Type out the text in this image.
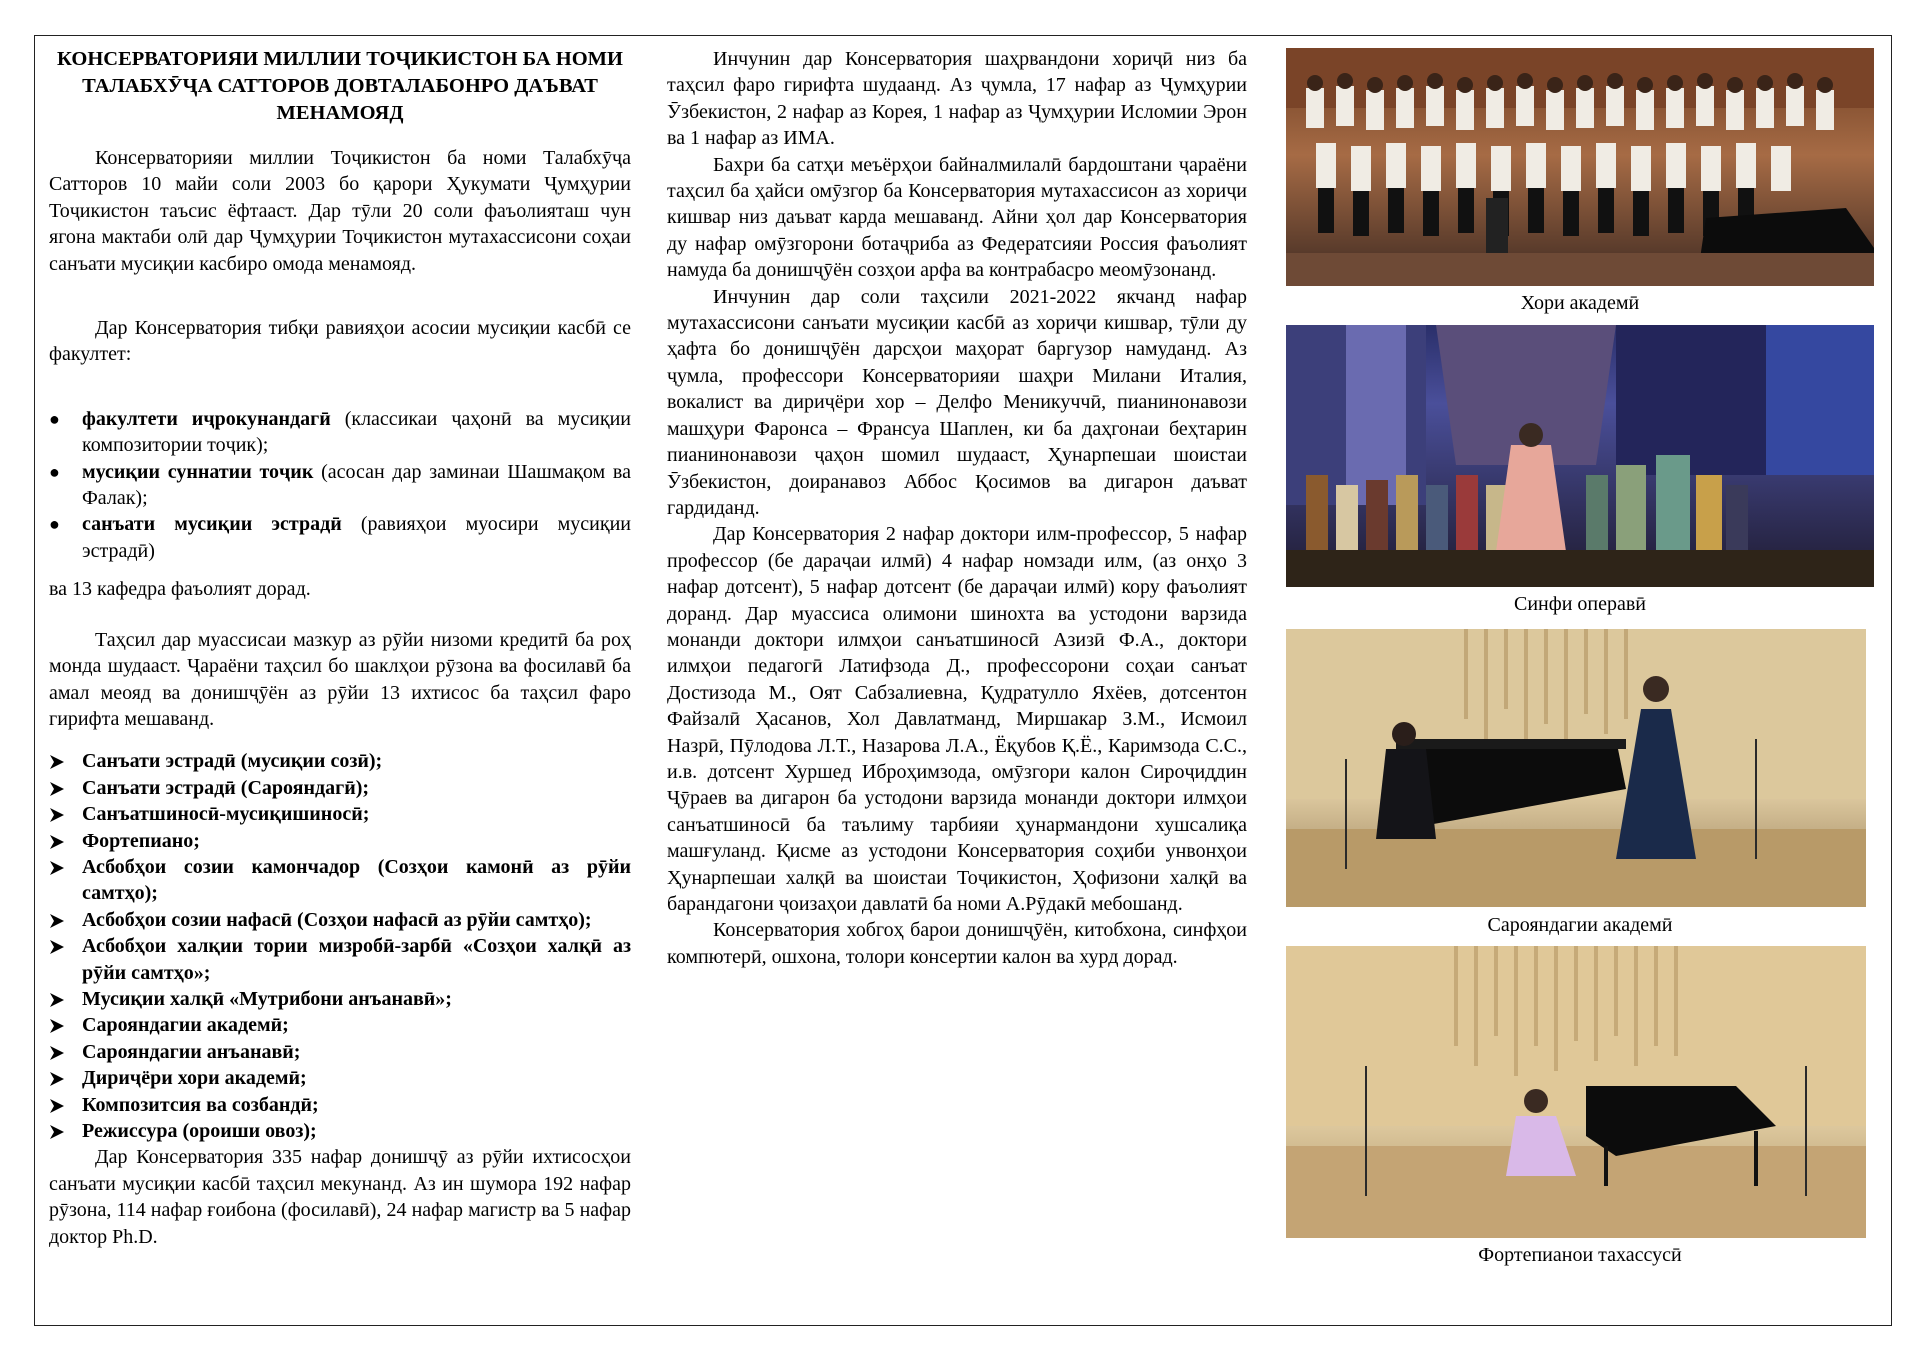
КОНСЕРВАТОРИЯИ МИЛЛИИ ТОҶИКИСТОН БА НОМИ ТАЛАБХӮҶА САТТОРОВ ДОВТАЛАБОНРО ДАЪВАТ МЕНАМОЯД
Консерваторияи миллии Тоҷикистон ба номи Талабхӯҷа Сатторов 10 майи соли 2003 бо қарори Ҳукумати Ҷумҳурии Тоҷикистон таъсис ёфтааст. Дар тӯли 20 соли фаъолияташ чун ягона мактаби олӣ дар Ҷумҳурии Тоҷикистон мутахассисони соҳаи санъати мусиқии касбиро омода менамояд.
Дар Консерватория тибқи равияҳои асосии мусиқии касбӣ се факултет:
● факултети иҷрокунандагӣ (классикаи ҷаҳонӣ ва мусиқии композитории тоҷик);
● мусиқии суннатии тоҷик (асосан дар заминаи Шашмақом ва Фалак);
● санъати мусиқии эстрадӣ (равияҳои муосири мусиқии эстрадӣ)
ва 13 кафедра фаъолият дорад.
Таҳсил дар муассисаи мазкур аз рӯйи низоми кредитӣ ба роҳ монда шудааст. Ҷараёни таҳсил бо шаклҳои рӯзона ва фосилавӣ ба амал меояд ва донишҷӯён аз рӯйи 13 ихтисос ба таҳсил фаро гирифта мешаванд.
Санъати эстрадӣ (мусиқии созӣ);
Санъати эстрадӣ (Сарояндагӣ);
Санъатшиносӣ-мусиқишиносӣ;
Фортепиано;
Асбобҳои созии камончадор (Созҳои камонӣ аз рӯйи самтҳо);
Асбобҳои созии нафасӣ (Созҳои нафасӣ аз рӯйи самтҳо);
Асбобҳои халқии тории мизробӣ-зарбӣ «Созҳои халқӣ аз рӯйи самтҳо»;
Мусиқии халқӣ «Мутрибони анъанавӣ»;
Сарояндагии академӣ;
Сарояндагии анъанавӣ;
Дириҷёри хори академӣ;
Композитсия ва созбандӣ;
Режиссура (ороиши овоз);
Дар Консерватория 335 нафар донишҷӯ аз рӯйи ихтисосҳои санъати мусиқии касбӣ таҳсил мекунанд. Аз ин шумора 192 нафар рӯзона, 114 нафар ғоибона (фосилавӣ), 24 нафар магистр ва 5 нафар доктор Ph.D.
Инчунин дар Консерватория шаҳрвандони хориҷӣ низ ба таҳсил фаро гирифта шудаанд. Аз ҷумла, 17 нафар аз Ҷумҳурии Ӯзбекистон, 2 нафар аз Корея, 1 нафар аз Ҷумҳурии Исломии Эрон ва 1 нафар аз ИМА.
Бахри ба сатҳи меъёрҳои байналмилалӣ бардоштани ҷараёни таҳсил ба ҳайси омӯзгор ба Консерватория мутахассисон аз хориҷи кишвар низ даъват карда мешаванд. Айни ҳол дар Консерватория ду нафар омӯзгорони ботаҷриба аз Федератсияи Россия фаъолият намуда ба донишҷӯён созҳои арфа ва контрабасро меомӯзонанд.
Инчунин дар соли таҳсили 2021-2022 якчанд нафар мутахассисони санъати мусиқии касбӣ аз хориҷи кишвар, тӯли ду ҳафта бо донишҷӯён дарсҳои маҳорат баргузор намуданд. Аз ҷумла, профессори Консерваторияи шаҳри Милани Италия, вокалист ва дириҷёри хор – Делфо Меникуччӣ, пианинонавози машҳури Фаронса – Франсуа Шаплен, ки ба даҳгонаи беҳтарин пианинонавози ҷаҳон шомил шудааст, Ҳунарпешаи шоистаи Ӯзбекистон, доиранавоз Аббос Қосимов ва дигарон даъват гардиданд.
Дар Консерватория 2 нафар доктори илм-профессор, 5 нафар профессор (бе дараҷаи илмӣ) 4 нафар номзади илм, (аз онҳо 3 нафар дотсент), 5 нафар дотсент (бе дараҷаи илмӣ) кору фаъолият доранд. Дар муассиса олимони шинохта ва устодони варзида монанди доктори илмҳои санъатшиносӣ Азизӣ Ф.А., доктори илмҳои педагогӣ Латифзода Д., профессорони соҳаи санъат Достизода М., Оят Сабзалиевна, Қудратулло Яхёев, дотсентон Файзалӣ Ҳасанов, Хол Давлатманд, Миршакар З.М., Исмоил Назрӣ, Пӯлодова Л.Т., Назарова Л.А., Ёқубов Қ.Ё., Каримзода С.С., и.в. дотсент Хуршед Иброҳимзода, омӯзгори калон Сироҷиддин Ҷӯраев ва дигарон ба устодони варзида монанди доктори илмҳои санъатшиносӣ ба таълиму тарбияи ҳунармандони хушсалиқа машғуланд. Қисме аз устодони Консерватория соҳиби унвонҳои Ҳунарпешаи халқӣ ва шоистаи Тоҷикистон, Ҳофизони халқӣ ва барандагони ҷоизаҳои давлатӣ ба номи А.Рӯдакӣ мебошанд.
Консерватория хобгоҳ барои донишҷӯён, китобхона, синфҳои компютерӣ, ошхона, толори консертии калон ва хурд дорад.
Хори академӣ
Синфи операвӣ
Сарояндагии академӣ
Фортепианои тахассусӣ
